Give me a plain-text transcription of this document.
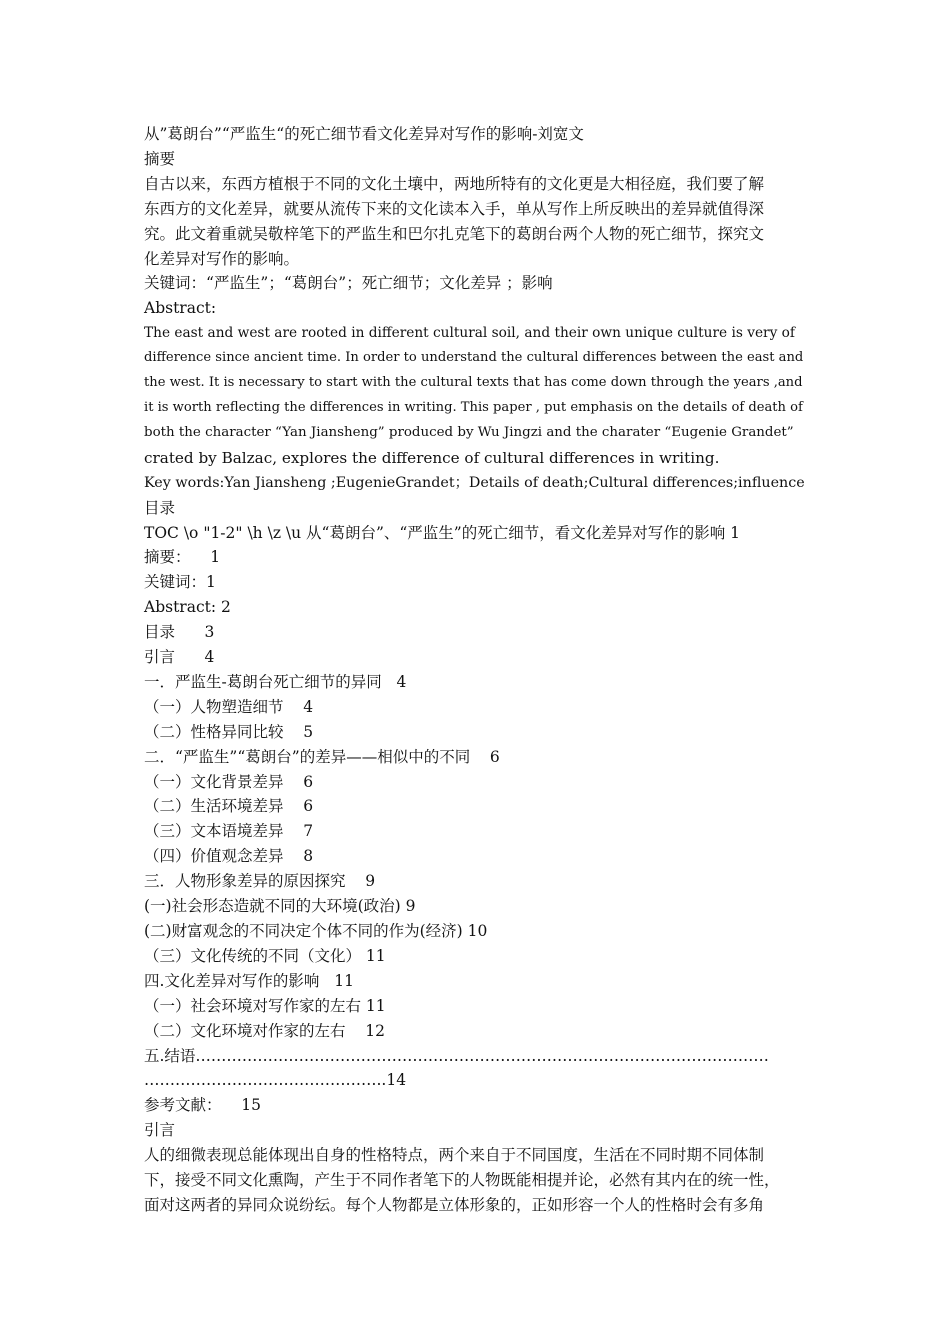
从”葛朗台”“严监生“的死亡细节看文化差异对写作的影响-刘宽文
摘要
自古以来，东西方植根于不同的文化土壤中，两地所特有的文化更是大相径庭，我们要了解
东西方的文化差异，就要从流传下来的文化读本入手，单从写作上所反映出的差异就值得深
究。此文着重就吴敬梓笔下的严监生和巴尔扎克笔下的葛朗台两个人物的死亡细节，探究文
化差异对写作的影响。
关键词：“严监生”；“葛朗台”；死亡细节；文化差异 ；影响
Abstract:
The east and west are rooted in different cultural soil, and their own unique culture is very of
difference since ancient time. In order to understand the cultural differences between the east and
the west. It is necessary to start with the cultural texts that has come down through the years ,and
it is worth reflecting the differences in writing. This paper , put emphasis on the details of death of
both the character “Yan Jiansheng” produced by Wu Jingzi and the charater “Eugenie Grandet”
crated by Balzac, explores the difference of cultural differences in writing.
Key words:Yan Jiansheng ;EugenieGrandet；Details of death;Cultural differences;influence
目录
TOC \o "1-2" \h \z \u 从“葛朗台”、“严监生”的死亡细节，看文化差异对写作的影响 1
摘要：    1
关键词：1
Abstract: 2
目录      3
引言      4
一．严监生-葛朗台死亡细节的异同   4
（一）人物塑造细节    4
（二）性格异同比较    5
二．“严监生”“葛朗台”的差异——相似中的不同    6
（一）文化背景差异    6
（二）生活环境差异    6
（三）文本语境差异    7
（四）价值观念差异    8
三．人物形象差异的原因探究    9
(一)社会形态造就不同的大环境(政治) 9
(二)财富观念的不同决定个体不同的作为(经济) 10
（三）文化传统的不同（文化） 11
四.文化差异对写作的影响   11
（一）社会环境对写作家的左右 11
（二）文化环境对作家的左右    12
五.结语…………………………………………………………………………………………………
………………………………………..14
参考文献：    15
引言
人的细微表现总能体现出自身的性格特点，两个来自于不同国度，生活在不同时期不同体制
下，接受不同文化熏陶，产生于不同作者笔下的人物既能相提并论，必然有其内在的统一性，
面对这两者的异同众说纷纭。每个人物都是立体形象的，正如形容一个人的性格时会有多角
